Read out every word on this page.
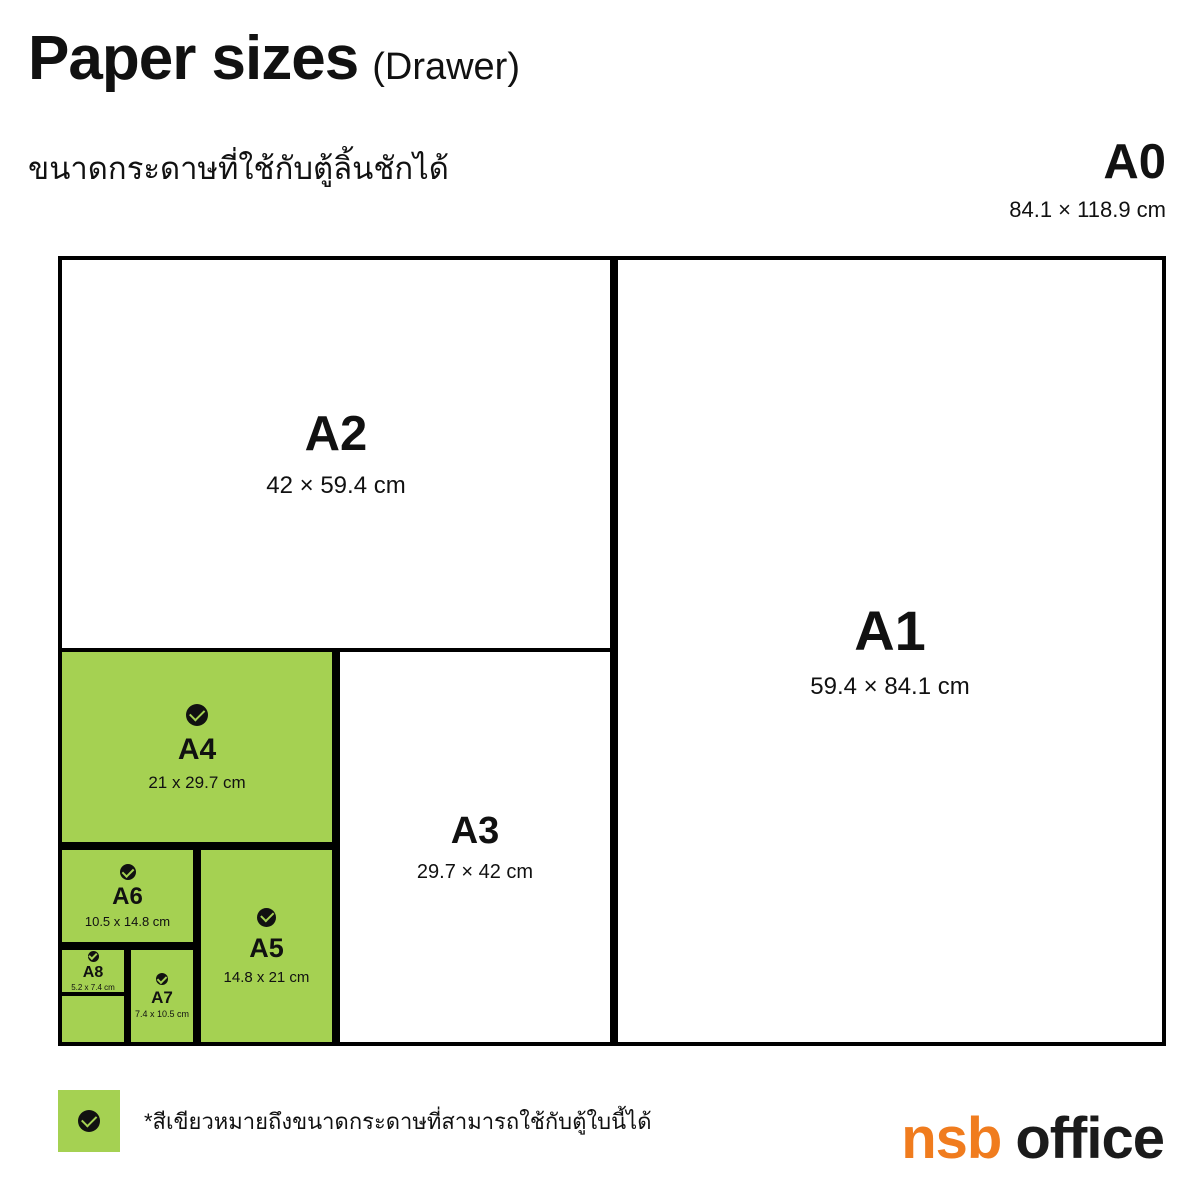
Paper sizes (Drawer)
ขนาดกระดาษที่ใช้กับตู้ลิ้นชักได้	A0
84.1 × 118.9 cm

A1
59.4 × 84.1 cm
A2
42 × 59.4 cm
A3
29.7 × 42 cm
A4
21 x 29.7 cm
A5
14.8 x 21 cm
A6
10.5 x 14.8 cm
A7
7.4 x 10.5 cm
A8
5.2 x 7.4 cm
*สีเขียวหมายถึงขนาดกระดาษที่สามารถใช้กับตู้ใบนี้ได้	nsb office
